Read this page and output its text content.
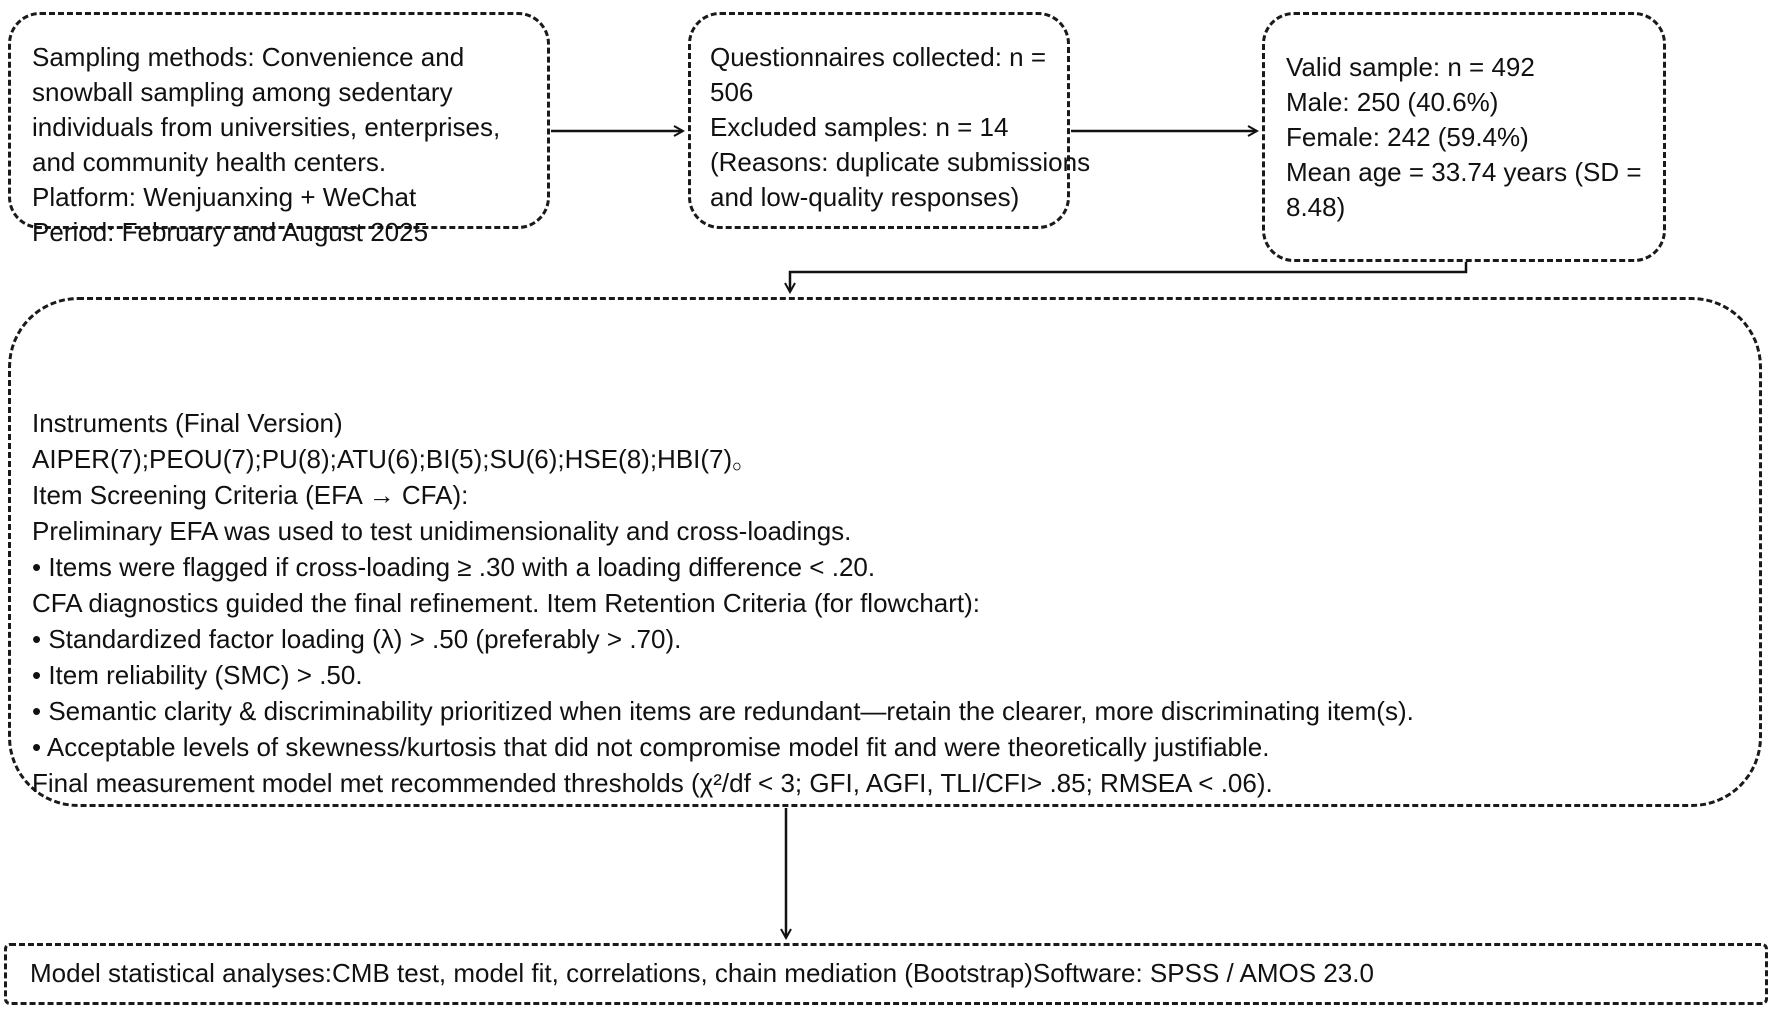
Sampling methods: Convenience and
snowball sampling among sedentary
individuals from universities, enterprises,
and community health centers.
Platform: Wenjuanxing + WeChat
Period: February and August 2025
Questionnaires collected: n =
506
Excluded samples: n = 14
(Reasons: duplicate submissions
and low-quality responses)
Valid sample: n = 492
Male: 250 (40.6%)
Female: 242 (59.4%)
Mean age = 33.74 years (SD =
8.48)
Instruments (Final Version)
AIPER(7);PEOU(7);PU(8);ATU(6);BI(5);SU(6);HSE(8);HBI(7)。
Item Screening Criteria (EFA → CFA):
Preliminary EFA was used to test unidimensionality and cross-loadings.
• Items were flagged if cross-loading ≥ .30 with a loading difference < .20.
CFA diagnostics guided the final refinement. Item Retention Criteria (for flowchart):
• Standardized factor loading (λ) > .50 (preferably > .70).
• Item reliability (SMC) > .50.
• Semantic clarity & discriminability prioritized when items are redundant—retain the clearer, more discriminating item(s).
• Acceptable levels of skewness/kurtosis that did not compromise model fit and were theoretically justifiable.
Final measurement model met recommended thresholds (χ²/df < 3; GFI, AGFI, TLI/CFI> .85; RMSEA < .06).
Model statistical analyses:CMB test, model fit, correlations, chain mediation (Bootstrap)Software: SPSS / AMOS 23.0
